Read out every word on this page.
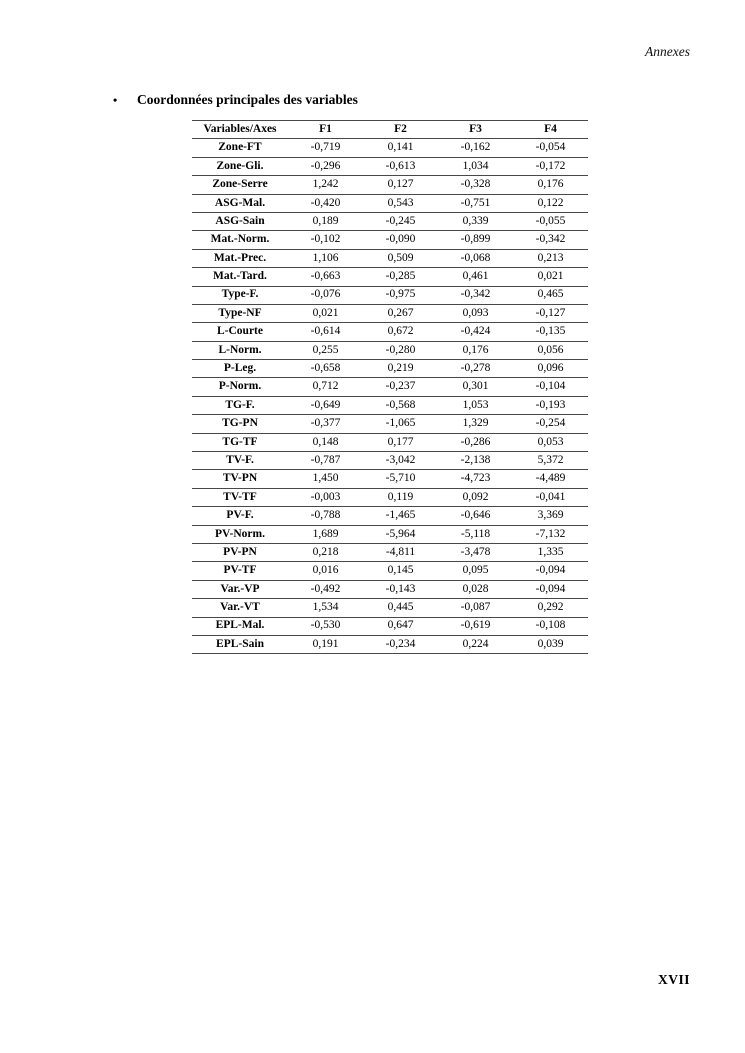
Annexes
•	Coordonnées principales des variables
Variables/Axes	F1	F2	F3	F4
Zone-FT	-0,719	0,141	-0,162	-0,054
Zone-Gli.	-0,296	-0,613	1,034	-0,172
Zone-Serre	1,242	0,127	-0,328	0,176
ASG-Mal.	-0,420	0,543	-0,751	0,122
ASG-Sain	0,189	-0,245	0,339	-0,055
Mat.-Norm.	-0,102	-0,090	-0,899	-0,342
Mat.-Prec.	1,106	0,509	-0,068	0,213
Mat.-Tard.	-0,663	-0,285	0,461	0,021
Type-F.	-0,076	-0,975	-0,342	0,465
Type-NF	0,021	0,267	0,093	-0,127
L-Courte	-0,614	0,672	-0,424	-0,135
L-Norm.	0,255	-0,280	0,176	0,056
P-Leg.	-0,658	0,219	-0,278	0,096
P-Norm.	0,712	-0,237	0,301	-0,104
TG-F.	-0,649	-0,568	1,053	-0,193
TG-PN	-0,377	-1,065	1,329	-0,254
TG-TF	0,148	0,177	-0,286	0,053
TV-F.	-0,787	-3,042	-2,138	5,372
TV-PN	1,450	-5,710	-4,723	-4,489
TV-TF	-0,003	0,119	0,092	-0,041
PV-F.	-0,788	-1,465	-0,646	3,369
PV-Norm.	1,689	-5,964	-5,118	-7,132
PV-PN	0,218	-4,811	-3,478	1,335
PV-TF	0,016	0,145	0,095	-0,094
Var.-VP	-0,492	-0,143	0,028	-0,094
Var.-VT	1,534	0,445	-0,087	0,292
EPL-Mal.	-0,530	0,647	-0,619	-0,108
EPL-Sain	0,191	-0,234	0,224	0,039
XVII
